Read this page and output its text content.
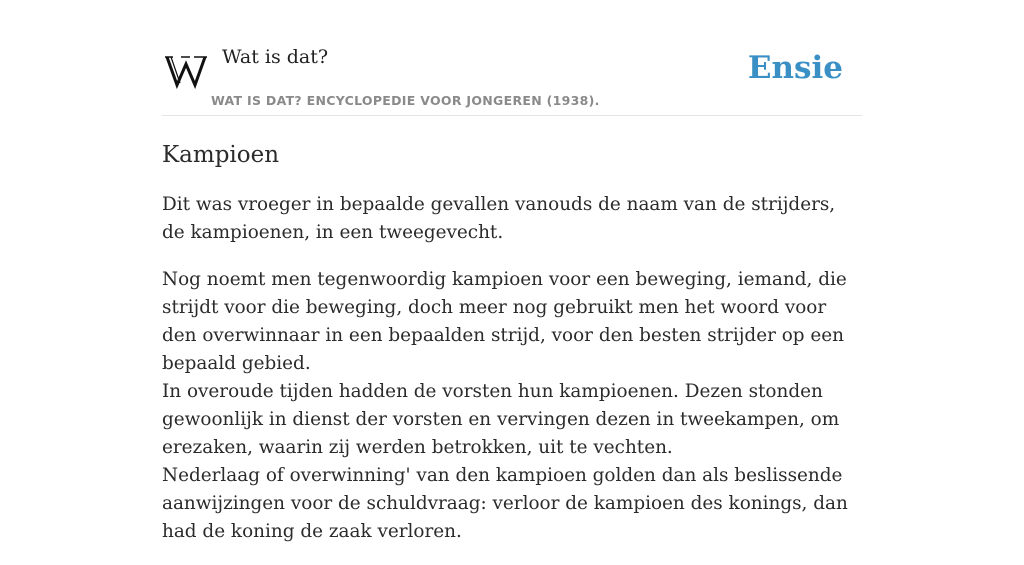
Wat is dat?
WAT IS DAT? ENCYCLOPEDIE VOOR JONGEREN (1938).
Ensie
Kampioen

Dit was vroeger in bepaalde gevallen vanouds de naam van de strijders, de kampioenen, in een tweegevecht.

Nog noemt men tegenwoordig kampioen voor een beweging, iemand, die strijdt voor die beweging, doch meer nog gebruikt men het woord voor den overwinnaar in een bepaalden strijd, voor den besten strijder op een bepaald gebied.
In overoude tijden hadden de vorsten hun kampioenen. Dezen stonden gewoonlijk in dienst der vorsten en vervingen dezen in tweekampen, om erezaken, waarin zij werden betrokken, uit te vechten.
Nederlaag of overwinning' van den kampioen golden dan als beslissende aanwijzingen voor de schuldvraag: verloor de kampioen des konings, dan had de koning de zaak verloren.
